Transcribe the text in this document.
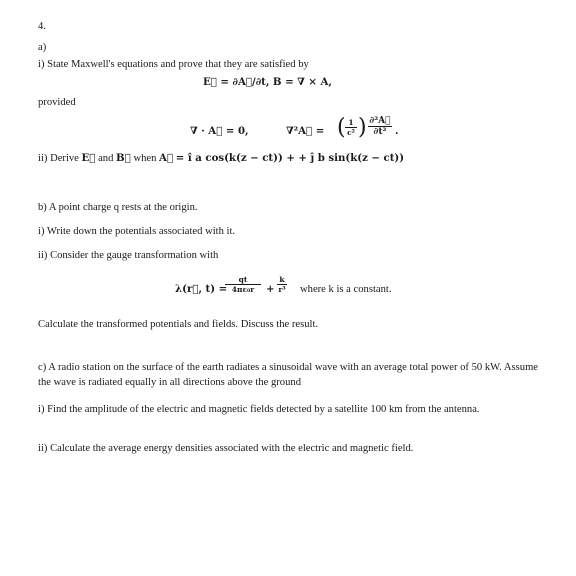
4.
a)
i) State Maxwell's equations and prove that they are satisfied by
E⃗ = ∂A⃗/∂t, B = ∇ × A,
provided
∇ · A⃗ = 0,	∇²A⃗ = ( 1
c² ) ∂²A⃗
∂t² .
ii) Derive E⃗ and B⃗ when A⃗ = î a cos(k(z − ct)) + + ĵ b sin(k(z − ct))
b) A point charge q rests at the origin.
i) Write down the potentials associated with it.
ii) Consider the gauge transformation with
λ(r⃗, t) =
qt
4πε₀r	+
k
r³ where k is a constant.
Calculate the transformed potentials and fields. Discuss the result.
c) A radio station on the surface of the earth radiates a sinusoidal wave with an average total power of 50 kW. Assume the wave is radiated equally in all directions above the ground
i) Find the amplitude of the electric and magnetic fields detected by a satellite 100 km from the antenna.
ii) Calculate the average energy densities associated with the electric and magnetic field.
